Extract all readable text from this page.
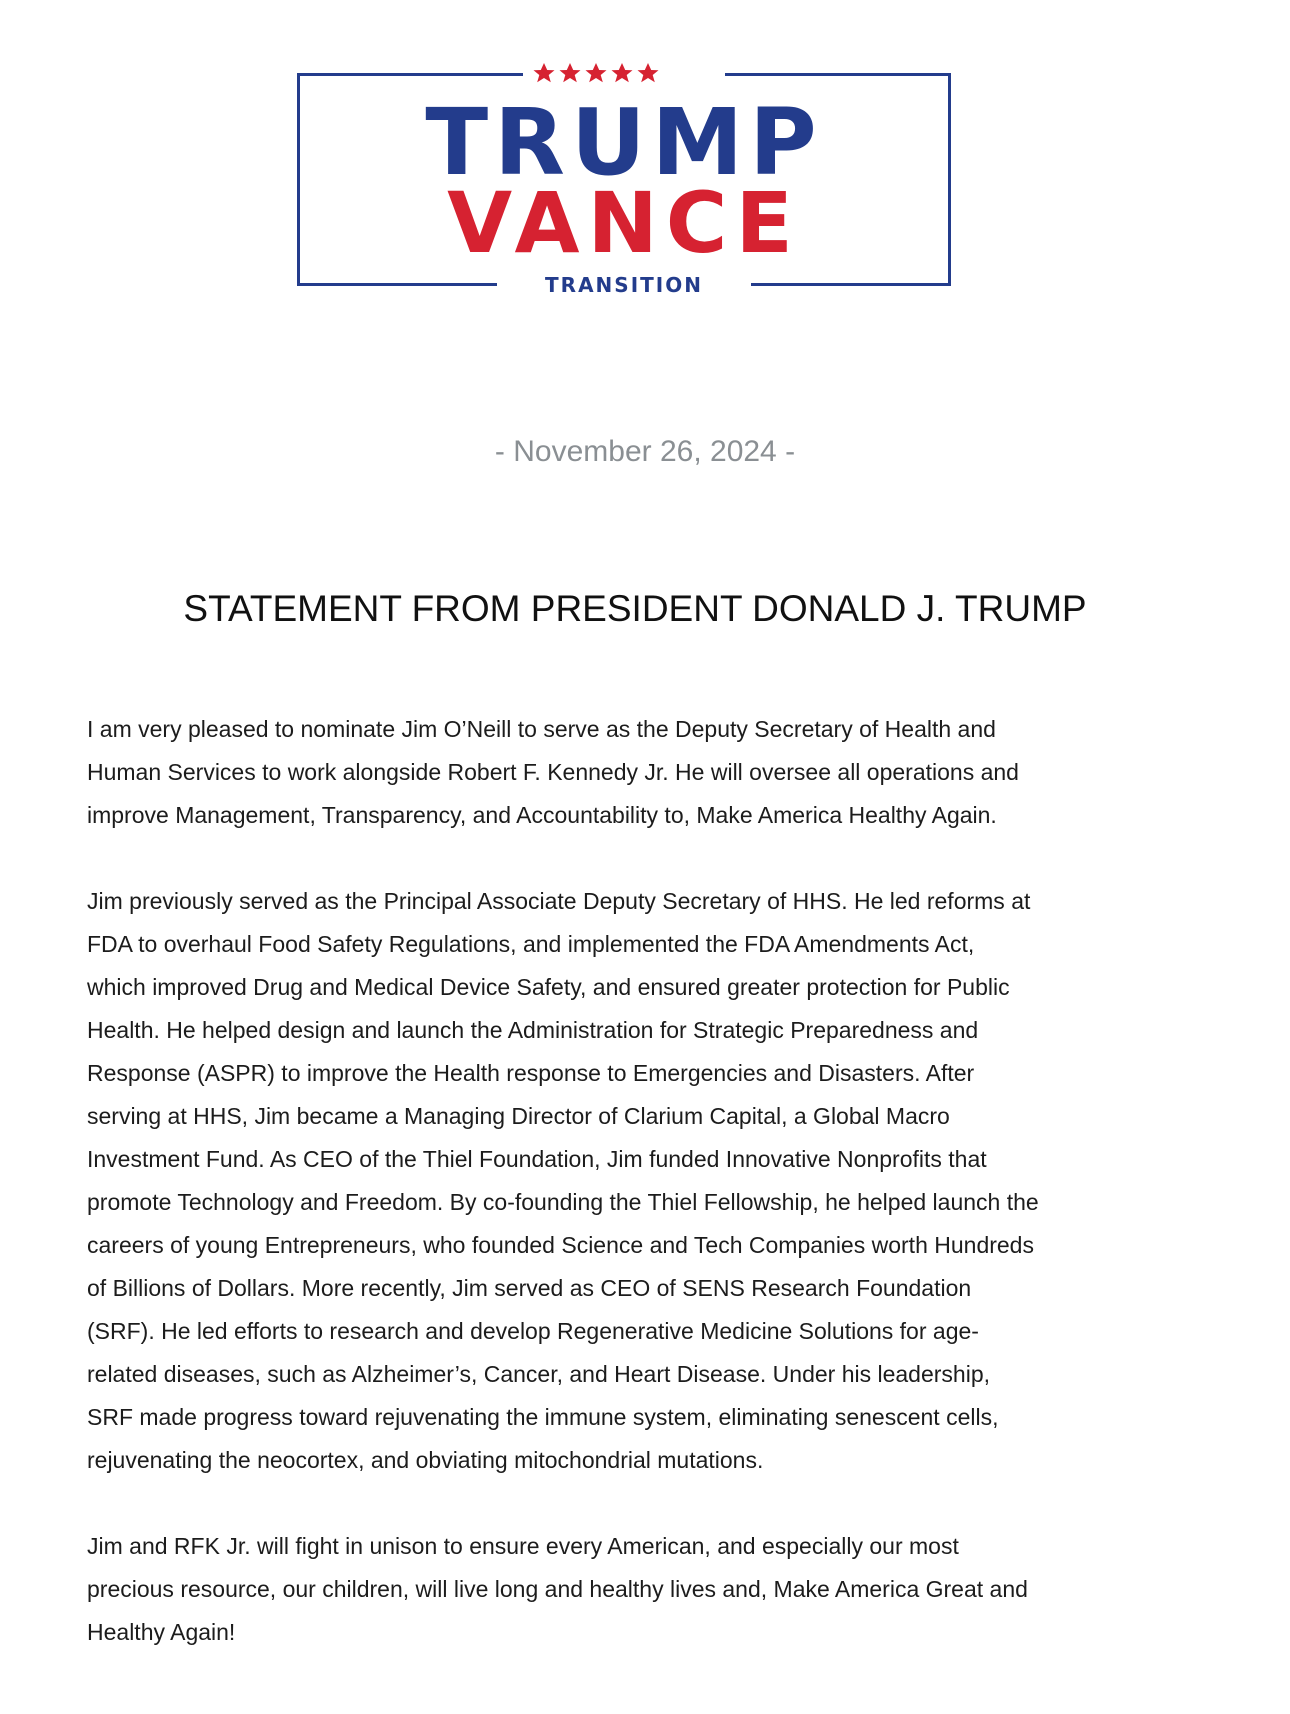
TRUMP
VANCE
TRANSITION
- November 26, 2024 -
STATEMENT FROM PRESIDENT DONALD J. TRUMP

I am very pleased to nominate Jim O’Neill to serve as the Deputy Secretary of Health and
Human Services to work alongside Robert F. Kennedy Jr. He will oversee all operations and
improve Management, Transparency, and Accountability to, Make America Healthy Again.

Jim previously served as the Principal Associate Deputy Secretary of HHS. He led reforms at
FDA to overhaul Food Safety Regulations, and implemented the FDA Amendments Act,
which improved Drug and Medical Device Safety, and ensured greater protection for Public
Health. He helped design and launch the Administration for Strategic Preparedness and
Response (ASPR) to improve the Health response to Emergencies and Disasters. After
serving at HHS, Jim became a Managing Director of Clarium Capital, a Global Macro
Investment Fund. As CEO of the Thiel Foundation, Jim funded Innovative Nonprofits that
promote Technology and Freedom. By co-founding the Thiel Fellowship, he helped launch the
careers of young Entrepreneurs, who founded Science and Tech Companies worth Hundreds
of Billions of Dollars. More recently, Jim served as CEO of SENS Research Foundation
(SRF). He led efforts to research and develop Regenerative Medicine Solutions for age-
related diseases, such as Alzheimer’s, Cancer, and Heart Disease. Under his leadership,
SRF made progress toward rejuvenating the immune system, eliminating senescent cells,
rejuvenating the neocortex, and obviating mitochondrial mutations.

Jim and RFK Jr. will fight in unison to ensure every American, and especially our most
precious resource, our children, will live long and healthy lives and, Make America Great and
Healthy Again!
